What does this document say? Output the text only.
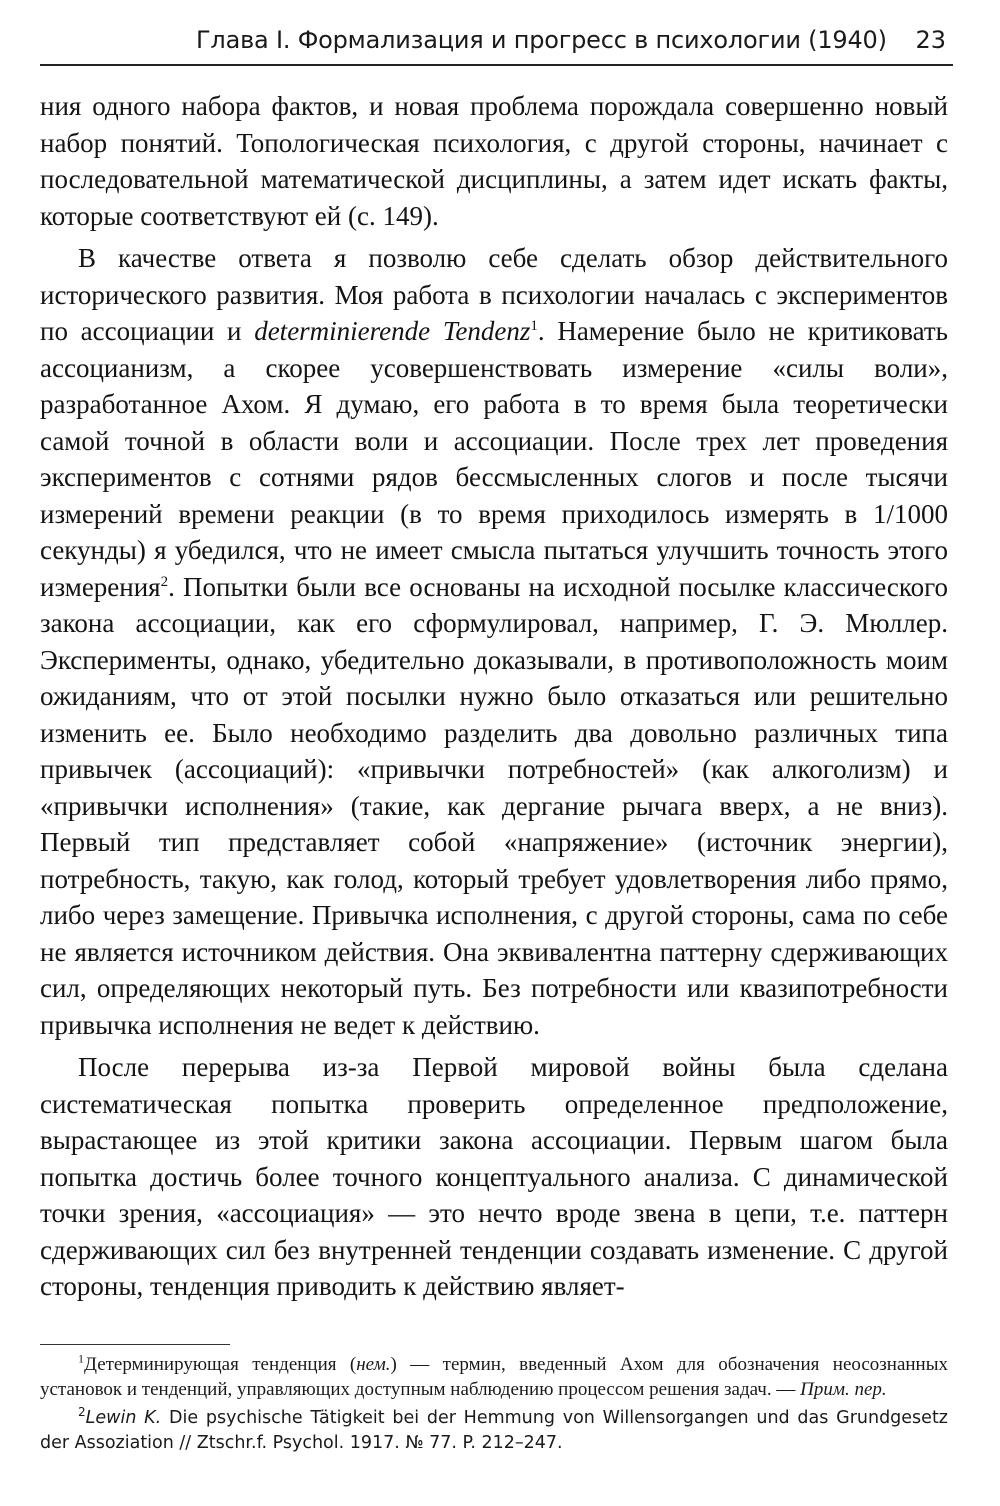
Глава I. Формализация и прогресс в психологии (1940) 23

ния одного набора фактов, и новая проблема порождала совершенно новый набор понятий. Топологическая психология, с другой стороны, начинает с последовательной математической дисциплины, а затем идет искать факты, которые соответствуют ей (с. 149).

В качестве ответа я позволю себе сделать обзор действительного исторического развития. Моя работа в психологии началась с экспериментов по ассоциации и determinierende Tendenz$^1$. Намерение было не критиковать ассоцианизм, а скорее усовершенствовать измерение «силы воли», разработанное Ахом. Я думаю, его работа в то время была теоретически самой точной в области воли и ассоциации. После трех лет проведения экспериментов с сотнями рядов бессмысленных слогов и после тысячи измерений времени реакции (в то время приходилось измерять в 1/1000 секунды) я убедился, что не имеет смысла пытаться улучшить точность этого измерения$^2$. Попытки были все основаны на исходной посылке классического закона ассоциации, как его сформулировал, например, Г. Э. Мюллер. Эксперименты, однако, убедительно доказывали, в противоположность моим ожиданиям, что от этой посылки нужно было отказаться или решительно изменить ее. Было необходимо разделить два довольно различных типа привычек (ассоциаций): «привычки потребностей» (как алкоголизм) и «привычки исполнения» (такие, как дергание рычага вверх, а не вниз). Первый тип представляет собой «напряжение» (источник энергии), потребность, такую, как голод, который требует удовлетворения либо прямо, либо через замещение. Привычка исполнения, с другой стороны, сама по себе не является источником действия. Она эквивалентна паттерну сдерживающих сил, определяющих некоторый путь. Без потребности или квазипотребности привычка исполнения не ведет к действию.

После перерыва из-за Первой мировой войны была сделана систематическая попытка проверить определенное предположение, вырастающее из этой критики закона ассоциации. Первым шагом была попытка достичь более точного концептуального анализа. С динамической точки зрения, «ассоциация» — это нечто вроде звена в цепи, т.е. паттерн сдерживающих сил без внутренней тенденции создавать изменение. С другой стороны, тенденция приводить к действию являет-

$^1$Детерминирующая тенденция (нем.) — термин, введенный Ахом для обозначения неосознанных установок и тенденций, управляющих доступным наблюдению процессом решения задач. — Прим. пер.

$^2$Lewin K. Die psychische Tätigkeit bei der Hemmung von Willensorgangen und das Grundgesetz der Assoziation // Ztschr.f. Psychol. 1917. № 77. P. 212–247.
